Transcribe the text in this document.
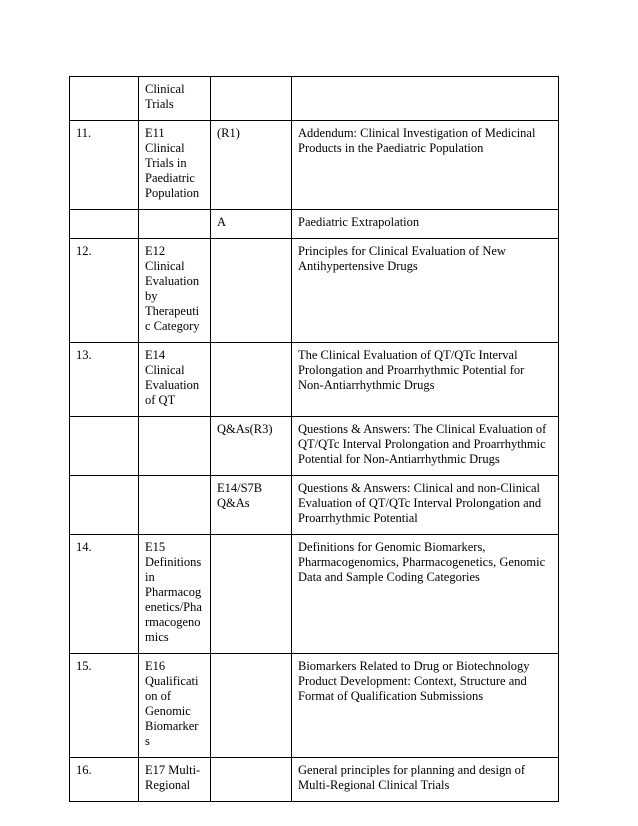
	Clinical Trials		

11.	E11 Clinical Trials in Paediatric Population	(R1)	Addendum: Clinical Investigation of Medicinal Products in the Paediatric Population

		A	Paediatric Extrapolation

12.	E12 Clinical Evaluation by Therapeutic Category		Principles for Clinical Evaluation of New Antihypertensive Drugs

13.	E14 Clinical Evaluation of QT		The Clinical Evaluation of QT/QTc Interval Prolongation and Proarrhythmic Potential for Non-Antiarrhythmic Drugs

		Q&As(R3)	Questions & Answers: The Clinical Evaluation of QT/QTc Interval Prolongation and Proarrhythmic Potential for Non-Antiarrhythmic Drugs

		E14/S7B Q&As	Questions & Answers: Clinical and non-Clinical Evaluation of QT/QTc Interval Prolongation and Proarrhythmic Potential

14.	E15 Definitions in Pharmacogenetics/Pharmacogenomics		Definitions for Genomic Biomarkers, Pharmacogenomics, Pharmacogenetics, Genomic Data and Sample Coding Categories

15.	E16 Qualification of Genomic Biomarkers		Biomarkers Related to Drug or Biotechnology Product Development: Context, Structure and Format of Qualification Submissions

16.	E17 Multi-Regional		General principles for planning and design of Multi-Regional Clinical Trials
